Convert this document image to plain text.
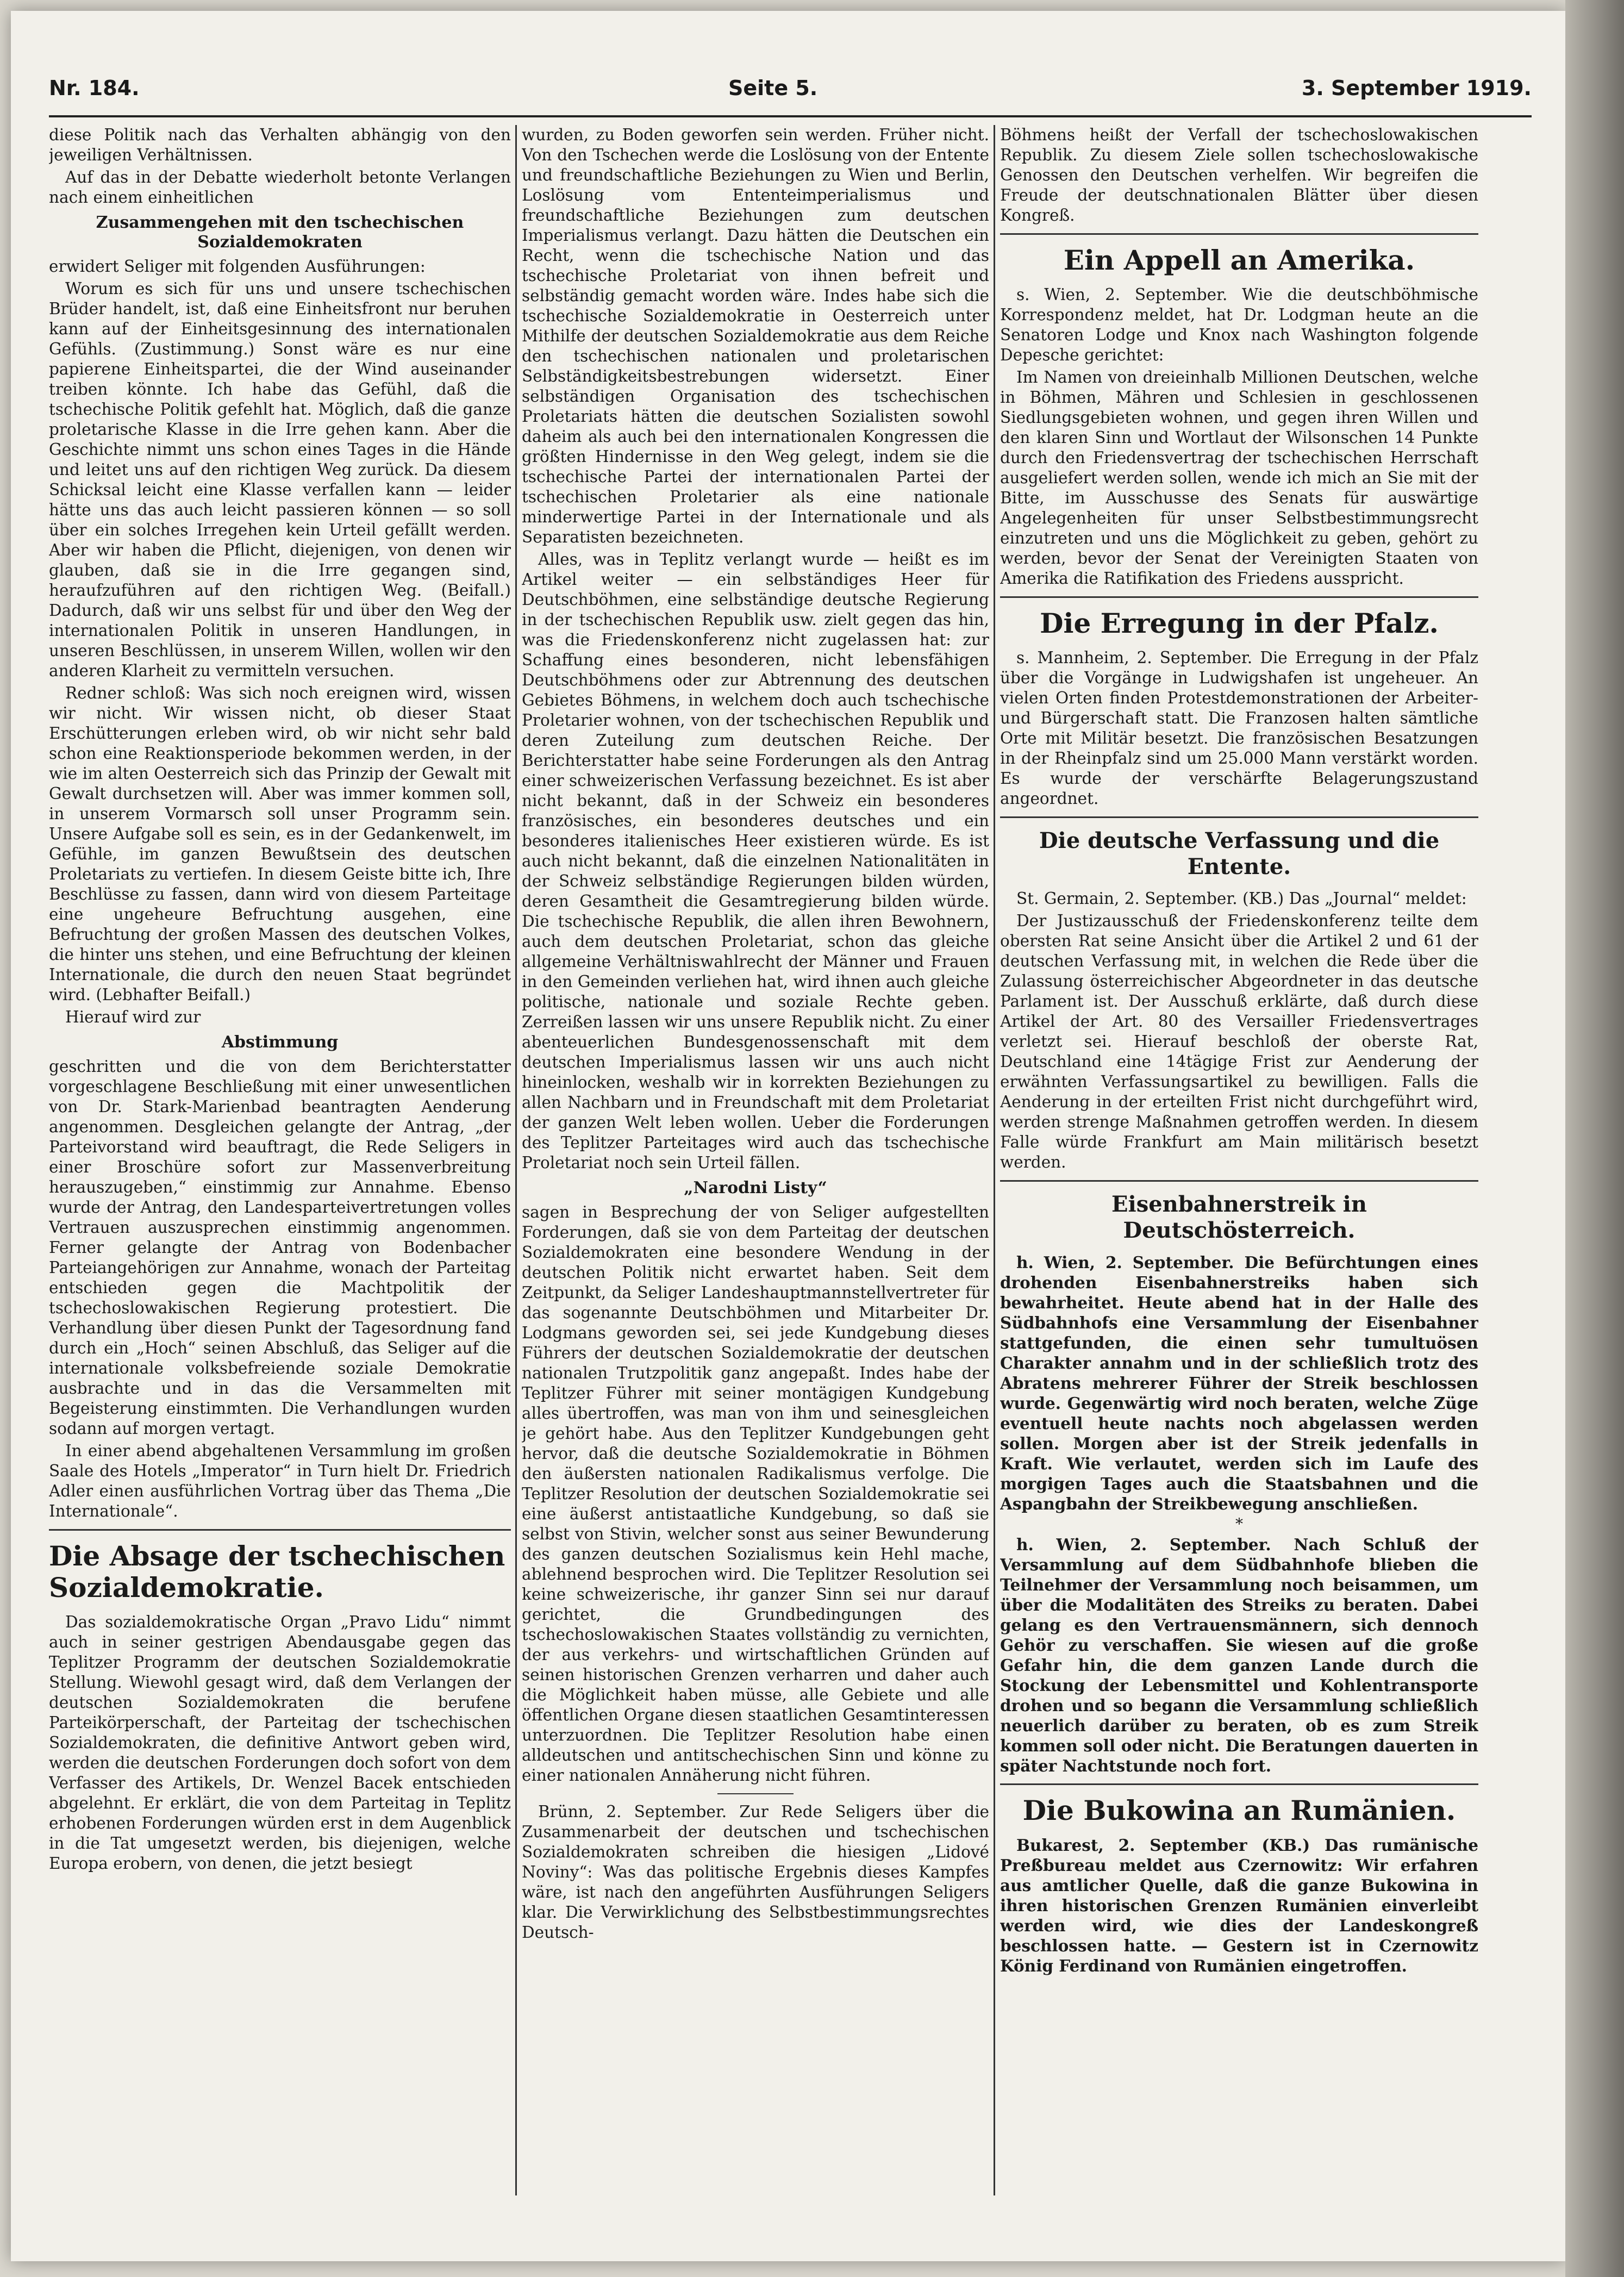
Nr. 184.	Seite 5.	3. September 1919.

diese Politik nach das Verhalten abhängig von den jeweiligen Verhältnissen.

Auf das in der Debatte wiederholt betonte Verlangen nach einem einheitlichen

Zusammengehen mit den tschechischen Sozialdemokraten

erwidert Seliger mit folgenden Ausführungen:

Worum es sich für uns und unsere tschechischen Brüder handelt, ist, daß eine Einheitsfront nur beruhen kann auf der Einheitsgesinnung des internationalen Gefühls. (Zustimmung.) Sonst wäre es nur eine papierene Einheitspartei, die der Wind auseinander treiben könnte. Ich habe das Gefühl, daß die tschechische Politik gefehlt hat. Möglich, daß die ganze proletarische Klasse in die Irre gehen kann. Aber die Geschichte nimmt uns schon eines Tages in die Hände und leitet uns auf den richtigen Weg zurück. Da diesem Schicksal leicht eine Klasse verfallen kann — leider hätte uns das auch leicht passieren können — so soll über ein solches Irregehen kein Urteil gefällt werden. Aber wir haben die Pflicht, diejenigen, von denen wir glauben, daß sie in die Irre gegangen sind, heraufzuführen auf den richtigen Weg. (Beifall.) Dadurch, daß wir uns selbst für und über den Weg der internationalen Politik in unseren Handlungen, in unseren Beschlüssen, in unserem Willen, wollen wir den anderen Klarheit zu vermitteln versuchen.

Redner schloß: Was sich noch ereignen wird, wissen wir nicht. Wir wissen nicht, ob dieser Staat Erschütterungen erleben wird, ob wir nicht sehr bald schon eine Reaktionsperiode bekommen werden, in der wie im alten Oesterreich sich das Prinzip der Gewalt mit Gewalt durchsetzen will. Aber was immer kommen soll, in unserem Vormarsch soll unser Programm sein. Unsere Aufgabe soll es sein, es in der Gedankenwelt, im Gefühle, im ganzen Bewußtsein des deutschen Proletariats zu vertiefen. In diesem Geiste bitte ich, Ihre Beschlüsse zu fassen, dann wird von diesem Parteitage eine ungeheure Befruchtung ausgehen, eine Befruchtung der großen Massen des deutschen Volkes, die hinter uns stehen, und eine Befruchtung der kleinen Internationale, die durch den neuen Staat begründet wird. (Lebhafter Beifall.)

Hierauf wird zur

Abstimmung

geschritten und die von dem Berichterstatter vorgeschlagene Beschließung mit einer unwesentlichen von Dr. Stark-Marienbad beantragten Aenderung angenommen. Desgleichen gelangte der Antrag, „der Parteivorstand wird beauftragt, die Rede Seligers in einer Broschüre sofort zur Massenverbreitung herauszugeben,“ einstimmig zur Annahme. Ebenso wurde der Antrag, den Landesparteivertretungen volles Vertrauen auszusprechen einstimmig angenommen. Ferner gelangte der Antrag von Bodenbacher Parteiangehörigen zur Annahme, wonach der Parteitag entschieden gegen die Machtpolitik der tschechoslowakischen Regierung protestiert. Die Verhandlung über diesen Punkt der Tagesordnung fand durch ein „Hoch“ seinen Abschluß, das Seliger auf die internationale volksbefreiende soziale Demokratie ausbrachte und in das die Versammelten mit Begeisterung einstimmten. Die Verhandlungen wurden sodann auf morgen vertagt.

In einer abend abgehaltenen Versammlung im großen Saale des Hotels „Imperator“ in Turn hielt Dr. Friedrich Adler einen ausführlichen Vortrag über das Thema „Die Internationale“.

Die Absage der tschechischen Sozialdemokratie.

Das sozialdemokratische Organ „Pravo Lidu“ nimmt auch in seiner gestrigen Abendausgabe gegen das Teplitzer Programm der deutschen Sozialdemokratie Stellung. Wiewohl gesagt wird, daß dem Verlangen der deutschen Sozialdemokraten die berufene Parteikörperschaft, der Parteitag der tschechischen Sozialdemokraten, die definitive Antwort geben wird, werden die deutschen Forderungen doch sofort von dem Verfasser des Artikels, Dr. Wenzel Bacek entschieden abgelehnt. Er erklärt, die von dem Parteitag in Teplitz erhobenen Forderungen würden erst in dem Augenblick in die Tat umgesetzt werden, bis diejenigen, welche Europa erobern, von denen, die jetzt besiegt

wurden, zu Boden geworfen sein werden. Früher nicht. Von den Tschechen werde die Loslösung von der Entente und freundschaftliche Beziehungen zu Wien und Berlin, Loslösung vom Ententeimperialismus und freundschaftliche Beziehungen zum deutschen Imperialismus verlangt. Dazu hätten die Deutschen ein Recht, wenn die tschechische Nation und das tschechische Proletariat von ihnen befreit und selbständig gemacht worden wäre. Indes habe sich die tschechische Sozialdemokratie in Oesterreich unter Mithilfe der deutschen Sozialdemokratie aus dem Reiche den tschechischen nationalen und proletarischen Selbständigkeitsbestrebungen widersetzt. Einer selbständigen Organisation des tschechischen Proletariats hätten die deutschen Sozialisten sowohl daheim als auch bei den internationalen Kongressen die größten Hindernisse in den Weg gelegt, indem sie die tschechische Partei der internationalen Partei der tschechischen Proletarier als eine nationale minderwertige Partei in der Internationale und als Separatisten bezeichneten.

Alles, was in Teplitz verlangt wurde — heißt es im Artikel weiter — ein selbständiges Heer für Deutschböhmen, eine selbständige deutsche Regierung in der tschechischen Republik usw. zielt gegen das hin, was die Friedenskonferenz nicht zugelassen hat: zur Schaffung eines besonderen, nicht lebensfähigen Deutschböhmens oder zur Abtrennung des deutschen Gebietes Böhmens, in welchem doch auch tschechische Proletarier wohnen, von der tschechischen Republik und deren Zuteilung zum deutschen Reiche. Der Berichterstatter habe seine Forderungen als den Antrag einer schweizerischen Verfassung bezeichnet. Es ist aber nicht bekannt, daß in der Schweiz ein besonderes französisches, ein besonderes deutsches und ein besonderes italienisches Heer existieren würde. Es ist auch nicht bekannt, daß die einzelnen Nationalitäten in der Schweiz selbständige Regierungen bilden würden, deren Gesamtheit die Gesamtregierung bilden würde. Die tschechische Republik, die allen ihren Bewohnern, auch dem deutschen Proletariat, schon das gleiche allgemeine Verhältniswahlrecht der Männer und Frauen in den Gemeinden verliehen hat, wird ihnen auch gleiche politische, nationale und soziale Rechte geben. Zerreißen lassen wir uns unsere Republik nicht. Zu einer abenteuerlichen Bundesgenossenschaft mit dem deutschen Imperialismus lassen wir uns auch nicht hineinlocken, weshalb wir in korrekten Beziehungen zu allen Nachbarn und in Freundschaft mit dem Proletariat der ganzen Welt leben wollen. Ueber die Forderungen des Teplitzer Parteitages wird auch das tschechische Proletariat noch sein Urteil fällen.

„Narodni Listy“

sagen in Besprechung der von Seliger aufgestellten Forderungen, daß sie von dem Parteitag der deutschen Sozialdemokraten eine besondere Wendung in der deutschen Politik nicht erwartet haben. Seit dem Zeitpunkt, da Seliger Landeshauptmannstellvertreter für das sogenannte Deutschböhmen und Mitarbeiter Dr. Lodgmans geworden sei, sei jede Kundgebung dieses Führers der deutschen Sozialdemokratie der deutschen nationalen Trutzpolitik ganz angepaßt. Indes habe der Teplitzer Führer mit seiner montägigen Kundgebung alles übertroffen, was man von ihm und seinesgleichen je gehört habe. Aus den Teplitzer Kundgebungen geht hervor, daß die deutsche Sozialdemokratie in Böhmen den äußersten nationalen Radikalismus verfolge. Die Teplitzer Resolution der deutschen Sozialdemokratie sei eine äußerst antistaatliche Kundgebung, so daß sie selbst von Stivin, welcher sonst aus seiner Bewunderung des ganzen deutschen Sozialismus kein Hehl mache, ablehnend besprochen wird. Die Teplitzer Resolution sei keine schweizerische, ihr ganzer Sinn sei nur darauf gerichtet, die Grundbedingungen des tschechoslowakischen Staates vollständig zu vernichten, der aus verkehrs- und wirtschaftlichen Gründen auf seinen historischen Grenzen verharren und daher auch die Möglichkeit haben müsse, alle Gebiete und alle öffentlichen Organe diesen staatlichen Gesamtinteressen unterzuordnen. Die Teplitzer Resolution habe einen alldeutschen und antitschechischen Sinn und könne zu einer nationalen Annäherung nicht führen.

Brünn, 2. September. Zur Rede Seligers über die Zusammenarbeit der deutschen und tschechischen Sozialdemokraten schreiben die hiesigen „Lidové Noviny“: Was das politische Ergebnis dieses Kampfes wäre, ist nach den angeführten Ausführungen Seligers klar. Die Verwirklichung des Selbstbestimmungsrechtes Deutsch-

Böhmens heißt der Verfall der tschechoslowakischen Republik. Zu diesem Ziele sollen tschechoslowakische Genossen den Deutschen verhelfen. Wir begreifen die Freude der deutschnationalen Blätter über diesen Kongreß.

Ein Appell an Amerika.

s. Wien, 2. September. Wie die deutschböhmische Korrespondenz meldet, hat Dr. Lodgman heute an die Senatoren Lodge und Knox nach Washington folgende Depesche gerichtet:

Im Namen von dreieinhalb Millionen Deutschen, welche in Böhmen, Mähren und Schlesien in geschlossenen Siedlungsgebieten wohnen, und gegen ihren Willen und den klaren Sinn und Wortlaut der Wilsonschen 14 Punkte durch den Friedensvertrag der tschechischen Herrschaft ausgeliefert werden sollen, wende ich mich an Sie mit der Bitte, im Ausschusse des Senats für auswärtige Angelegenheiten für unser Selbstbestimmungsrecht einzutreten und uns die Möglichkeit zu geben, gehört zu werden, bevor der Senat der Vereinigten Staaten von Amerika die Ratifikation des Friedens ausspricht.

Die Erregung in der Pfalz.

s. Mannheim, 2. September. Die Erregung in der Pfalz über die Vorgänge in Ludwigshafen ist ungeheuer. An vielen Orten finden Protestdemonstrationen der Arbeiter- und Bürgerschaft statt. Die Franzosen halten sämtliche Orte mit Militär besetzt. Die französischen Besatzungen in der Rheinpfalz sind um 25.000 Mann verstärkt worden. Es wurde der verschärfte Belagerungszustand angeordnet.

Die deutsche Verfassung und die Entente.

St. Germain, 2. September. (KB.) Das „Journal“ meldet:

Der Justizausschuß der Friedenskonferenz teilte dem obersten Rat seine Ansicht über die Artikel 2 und 61 der deutschen Verfassung mit, in welchen die Rede über die Zulassung österreichischer Abgeordneter in das deutsche Parlament ist. Der Ausschuß erklärte, daß durch diese Artikel der Art. 80 des Versailler Friedensvertrages verletzt sei. Hierauf beschloß der oberste Rat, Deutschland eine 14tägige Frist zur Aenderung der erwähnten Verfassungsartikel zu bewilligen. Falls die Aenderung in der erteilten Frist nicht durchgeführt wird, werden strenge Maßnahmen getroffen werden. In diesem Falle würde Frankfurt am Main militärisch besetzt werden.

Eisenbahnerstreik in Deutschösterreich.

h. Wien, 2. September. Die Befürchtungen eines drohenden Eisenbahnerstreiks haben sich bewahrheitet. Heute abend hat in der Halle des Südbahnhofs eine Versammlung der Eisenbahner stattgefunden, die einen sehr tumultuösen Charakter annahm und in der schließlich trotz des Abratens mehrerer Führer der Streik beschlossen wurde. Gegenwärtig wird noch beraten, welche Züge eventuell heute nachts noch abgelassen werden sollen. Morgen aber ist der Streik jedenfalls in Kraft. Wie verlautet, werden sich im Laufe des morgigen Tages auch die Staatsbahnen und die Aspangbahn der Streikbewegung anschließen.

*

h. Wien, 2. September. Nach Schluß der Versammlung auf dem Südbahnhofe blieben die Teilnehmer der Versammlung noch beisammen, um über die Modalitäten des Streiks zu beraten. Dabei gelang es den Vertrauensmännern, sich dennoch Gehör zu verschaffen. Sie wiesen auf die große Gefahr hin, die dem ganzen Lande durch die Stockung der Lebensmittel und Kohlentransporte drohen und so begann die Versammlung schließlich neuerlich darüber zu beraten, ob es zum Streik kommen soll oder nicht. Die Beratungen dauerten in später Nachtstunde noch fort.

Die Bukowina an Rumänien.

Bukarest, 2. September (KB.) Das rumänische Preßbureau meldet aus Czernowitz: Wir erfahren aus amtlicher Quelle, daß die ganze Bukowina in ihren historischen Grenzen Rumänien einverleibt werden wird, wie dies der Landeskongreß beschlossen hatte. — Gestern ist in Czernowitz König Ferdinand von Rumänien eingetroffen.
